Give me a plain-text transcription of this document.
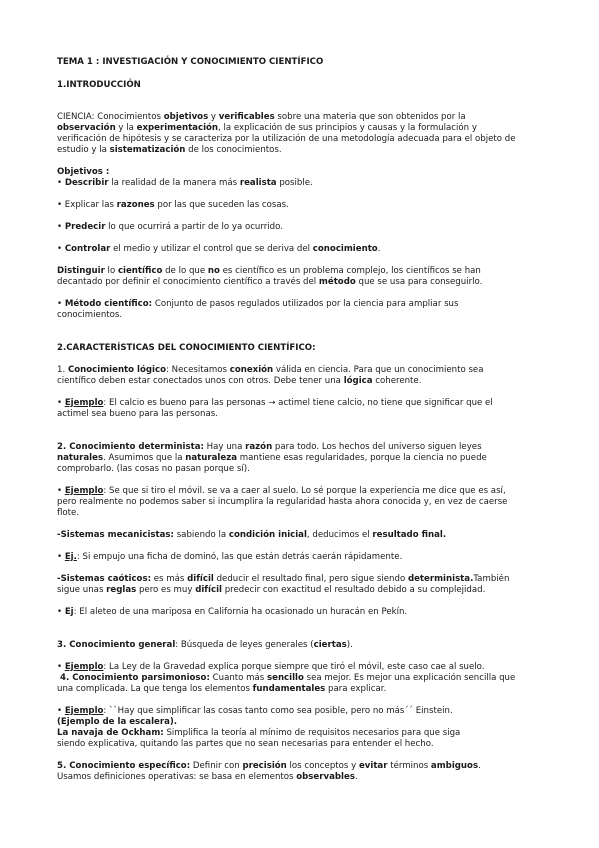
TEMA 1 : INVESTIGACIÓN Y CONOCIMIENTO CIENTÍFICO
1.INTRODUCCIÓN
CIENCIA: Conocimientos objetivos y verificables sobre una materia que son obtenidos por la
observación y la experimentación, la explicación de sus principios y causas y la formulación y
verificación de hipótesis y se caracteriza por la utilización de una metodología adecuada para el objeto de
estudio y la sistematización de los conocimientos.
Objetivos :
• Describir la realidad de la manera más realista posible.
• Explicar las razones por las que suceden las cosas.
• Predecir lo que ocurrirá a partir de lo ya ocurrido.
• Controlar el medio y utilizar el control que se deriva del conocimiento.
Distinguir lo científico de lo que no es científico es un problema complejo, los científicos se han
decantado por definir el conocimiento científico a través del método que se usa para conseguirlo.
• Método científico: Conjunto de pasos regulados utilizados por la ciencia para ampliar sus
conocimientos.
2.CARACTERÍSTICAS DEL CONOCIMIENTO CIENTÍFICO:
1. Conocimiento lógico: Necesitamos conexión válida en ciencia. Para que un conocimiento sea
científico deben estar conectados unos con otros. Debe tener una lógica coherente.
• Ejemplo: El calcio es bueno para las personas → actimel tiene calcio, no tiene que significar que el
actimel sea bueno para las personas.
2. Conocimiento determinista: Hay una razón para todo. Los hechos del universo siguen leyes
naturales. Asumimos que la naturaleza mantiene esas regularidades, porque la ciencia no puede
comprobarlo. (las cosas no pasan porque sí).
• Ejemplo: Se que si tiro el móvil. se va a caer al suelo. Lo sé porque la experiencia me dice que es así,
pero realmente no podemos saber si incumplira la regularidad hasta ahora conocida y, en vez de caerse
flote.
-Sistemas mecanicistas: sabiendo la condición inicial, deducimos el resultado final.
• Ej.: Si empujo una ficha de dominó, las que están detrás caerán rápidamente.
-Sistemas caóticos: es más difícil deducir el resultado final, pero sigue siendo determinista.También
sigue unas reglas pero es muy difícil predecir con exactitud el resultado debido a su complejidad.
• Ej: El aleteo de una mariposa en California ha ocasionado un huracán en Pekín.
3. Conocimiento general: Búsqueda de leyes generales (ciertas).
• Ejemplo: La Ley de la Gravedad explica porque siempre que tiró el móvil, este caso cae al suelo.
4. Conocimiento parsimonioso: Cuanto más sencillo sea mejor. Es mejor una explicación sencilla que
una complicada. La que tenga los elementos fundamentales para explicar.
• Ejemplo: ``Hay que simplificar las cosas tanto como sea posible, pero no más´´ Einstein.
(Ejemplo de la escalera).
La navaja de Ockham: Simplifica la teoría al mínimo de requisitos necesarios para que siga
siendo explicativa, quitando las partes que no sean necesarias para entender el hecho.
5. Conocimiento específico: Definir con precisión los conceptos y evitar términos ambiguos.
Usamos definiciones operativas: se basa en elementos observables.
